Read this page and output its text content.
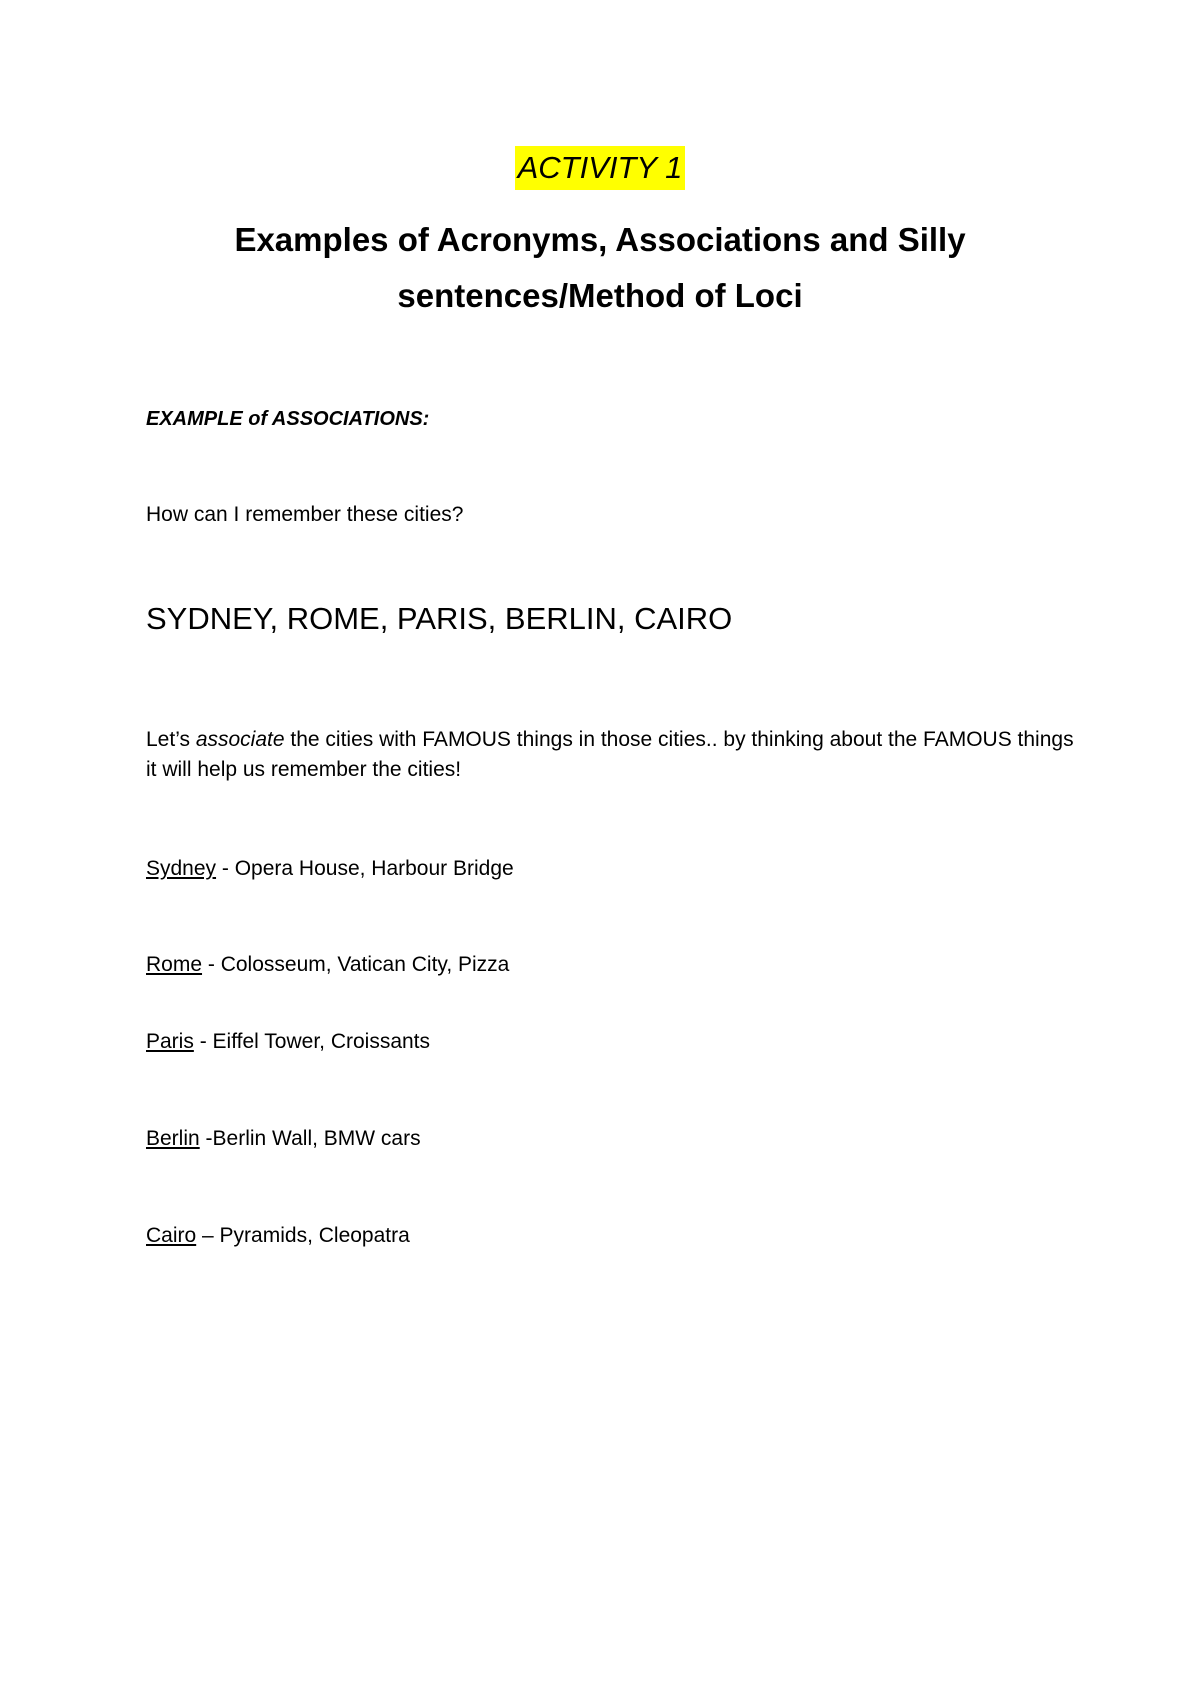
ACTIVITY 1
Examples of Acronyms, Associations and Silly
sentences/Method of Loci
EXAMPLE of ASSOCIATIONS:
How can I remember these cities?
SYDNEY, ROME, PARIS, BERLIN, CAIRO
Let’s associate the cities with FAMOUS things in those cities.. by thinking about the FAMOUS things it will help us remember the cities!
Sydney - Opera House, Harbour Bridge
Rome - Colosseum, Vatican City, Pizza
Paris - Eiffel Tower, Croissants
Berlin -Berlin Wall, BMW cars
Cairo – Pyramids, Cleopatra
